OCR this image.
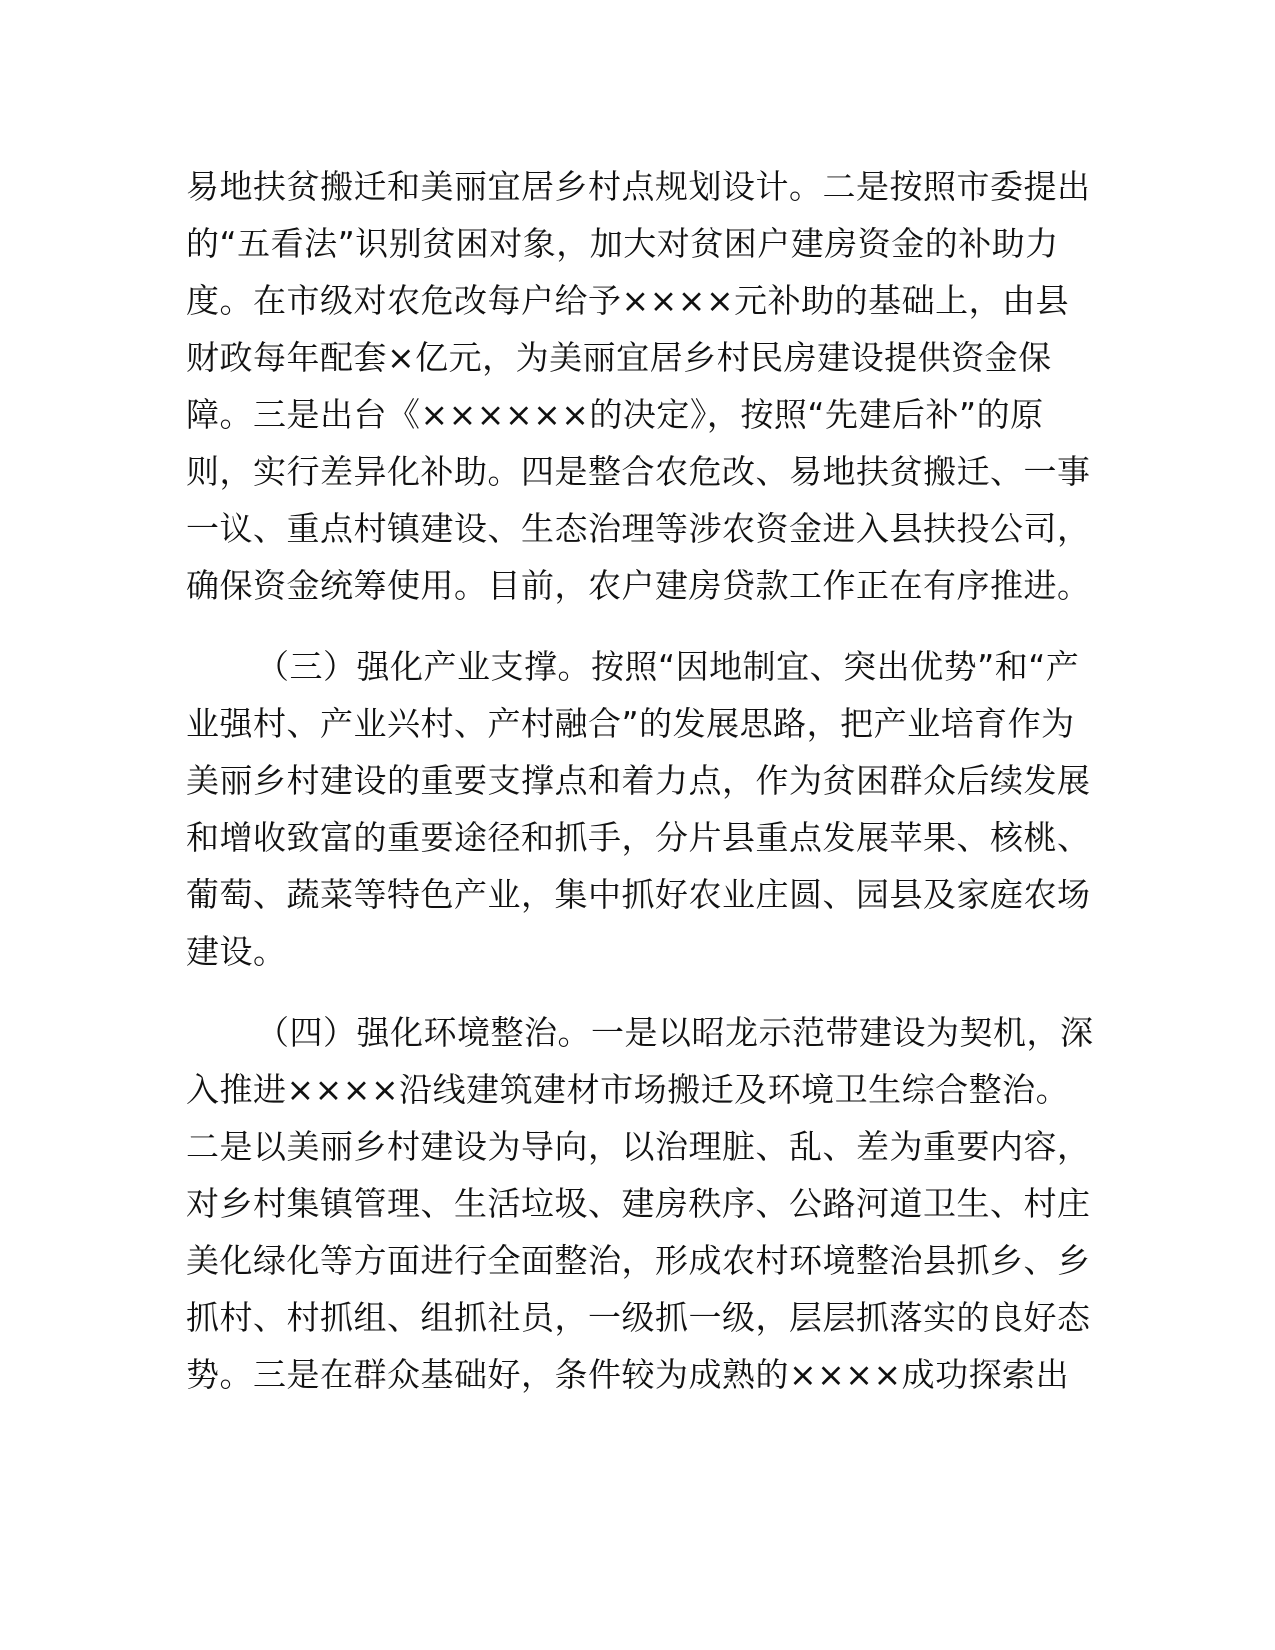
易地扶贫搬迁和美丽宜居乡村点规划设计。二是按照市委提出
的“五看法”识别贫困对象，加大对贫困户建房资金的补助力
度。在市级对农危改每户给予××××元补助的基础上，由县
财政每年配套×亿元，为美丽宜居乡村民房建设提供资金保
障。三是出台《××××××的决定》，按照“先建后补”的原
则，实行差异化补助。四是整合农危改、易地扶贫搬迁、一事
一议、重点村镇建设、生态治理等涉农资金进入县扶投公司，
确保资金统筹使用。目前，农户建房贷款工作正在有序推进。
（三）强化产业支撑。按照“因地制宜、突出优势”和“产
业强村、产业兴村、产村融合”的发展思路，把产业培育作为
美丽乡村建设的重要支撑点和着力点，作为贫困群众后续发展
和增收致富的重要途径和抓手，分片县重点发展苹果、核桃、
葡萄、蔬菜等特色产业，集中抓好农业庄圆、园县及家庭农场
建设。
（四）强化环境整治。一是以昭龙示范带建设为契机，深
入推进××××沿线建筑建材市场搬迁及环境卫生综合整治。
二是以美丽乡村建设为导向，以治理脏、乱、差为重要内容，
对乡村集镇管理、生活垃圾、建房秩序、公路河道卫生、村庄
美化绿化等方面进行全面整治，形成农村环境整治县抓乡、乡
抓村、村抓组、组抓社员，一级抓一级，层层抓落实的良好态
势。三是在群众基础好，条件较为成熟的××××成功探索出
